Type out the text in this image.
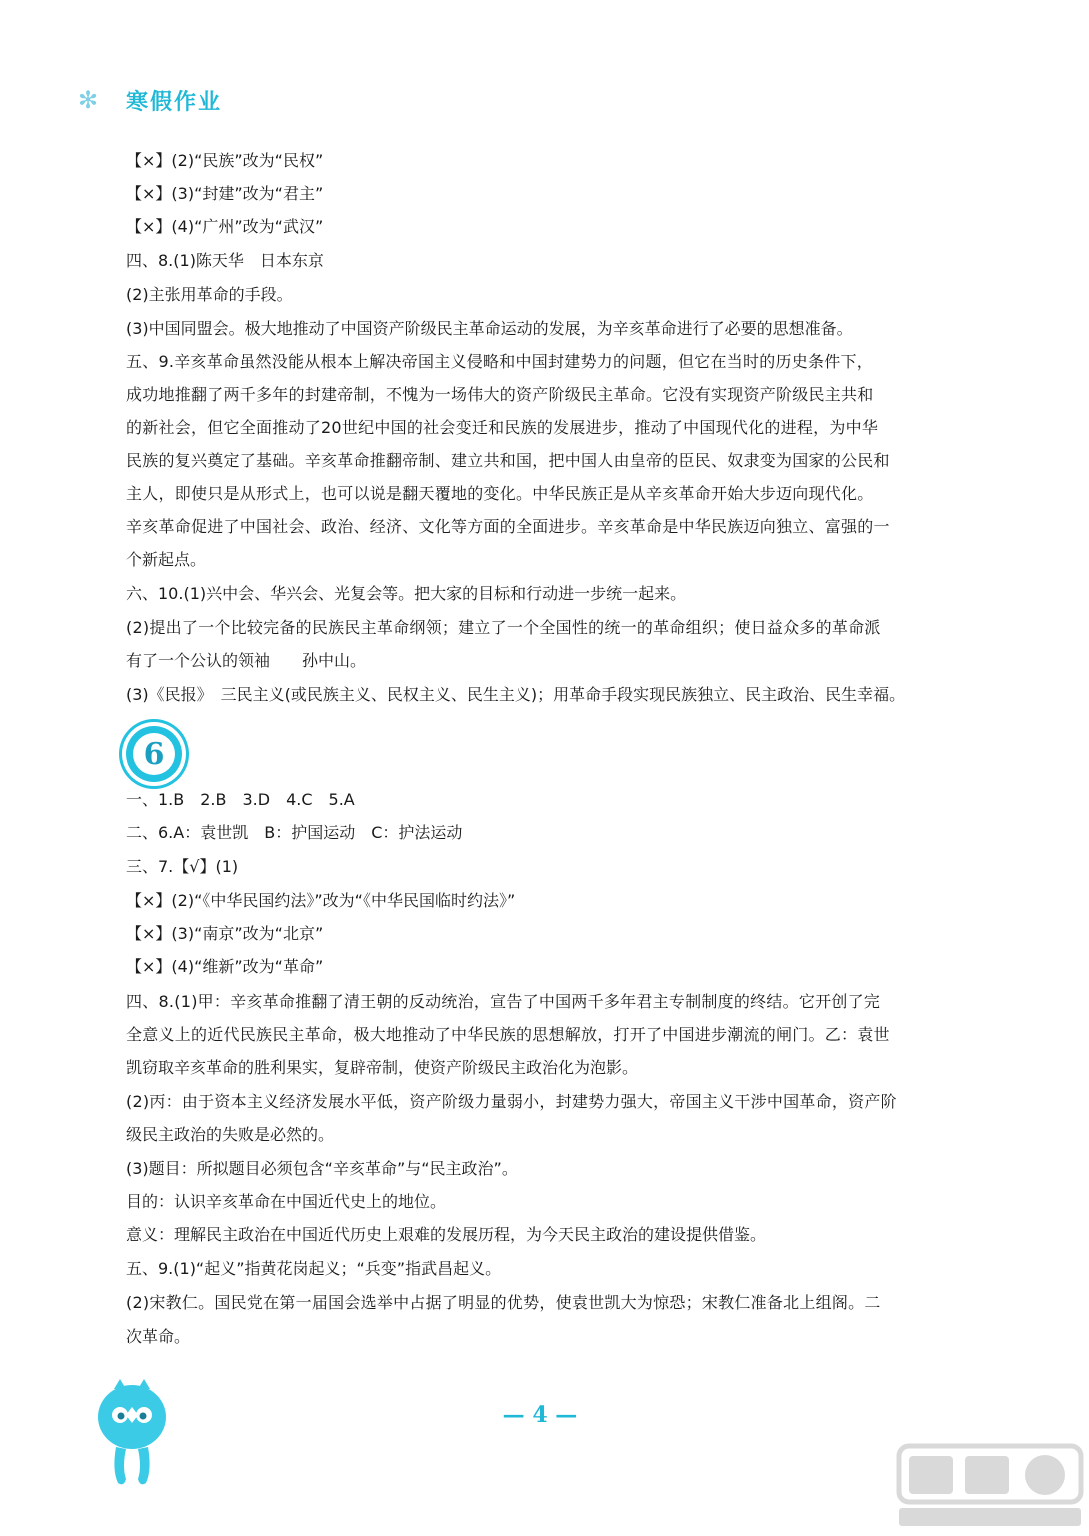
✻ 寒假作业
【×】(2)“民族”改为“民权”
【×】(3)“封建”改为“君主”
【×】(4)“广州”改为“武汉”
四、8.(1)陈天华　日本东京
(2)主张用革命的手段。
(3)中国同盟会。极大地推动了中国资产阶级民主革命运动的发展，为辛亥革命进行了必要的思想准备。
五、9.辛亥革命虽然没能从根本上解决帝国主义侵略和中国封建势力的问题，但它在当时的历史条件下，
成功地推翻了两千多年的封建帝制，不愧为一场伟大的资产阶级民主革命。它没有实现资产阶级民主共和
的新社会，但它全面推动了20世纪中国的社会变迁和民族的发展进步，推动了中国现代化的进程，为中华
民族的复兴奠定了基础。辛亥革命推翻帝制、建立共和国，把中国人由皇帝的臣民、奴隶变为国家的公民和
主人，即使只是从形式上，也可以说是翻天覆地的变化。中华民族正是从辛亥革命开始大步迈向现代化。
辛亥革命促进了中国社会、政治、经济、文化等方面的全面进步。辛亥革命是中华民族迈向独立、富强的一
个新起点。
六、10.(1)兴中会、华兴会、光复会等。把大家的目标和行动进一步统一起来。
(2)提出了一个比较完备的民族民主革命纲领；建立了一个全国性的统一的革命组织；使日益众多的革命派
有了一个公认的领袖　　孙中山。
(3)《民报》　三民主义(或民族主义、民权主义、民生主义)；用革命手段实现民族独立、民主政治、民生幸福。
6
一、1.B　2.B　3.D　4.C　5.A
二、6.A：袁世凯　B：护国运动　C：护法运动
三、7.【√】(1)
【×】(2)“《中华民国约法》”改为“《中华民国临时约法》”
【×】(3)“南京”改为“北京”
【×】(4)“维新”改为“革命”
四、8.(1)甲：辛亥革命推翻了清王朝的反动统治，宣告了中国两千多年君主专制制度的终结。它开创了完
全意义上的近代民族民主革命，极大地推动了中华民族的思想解放，打开了中国进步潮流的闸门。乙：袁世
凯窃取辛亥革命的胜利果实，复辟帝制，使资产阶级民主政治化为泡影。
(2)丙：由于资本主义经济发展水平低，资产阶级力量弱小，封建势力强大，帝国主义干涉中国革命，资产阶
级民主政治的失败是必然的。
(3)题目：所拟题目必须包含“辛亥革命”与“民主政治”。
目的：认识辛亥革命在中国近代史上的地位。
意义：理解民主政治在中国近代历史上艰难的发展历程，为今天民主政治的建设提供借鉴。
五、9.(1)“起义”指黄花岗起义；“兵变”指武昌起义。
(2)宋教仁。国民党在第一届国会选举中占据了明显的优势，使袁世凯大为惊恐；宋教仁准备北上组阁。二
次革命。
— 4 —
